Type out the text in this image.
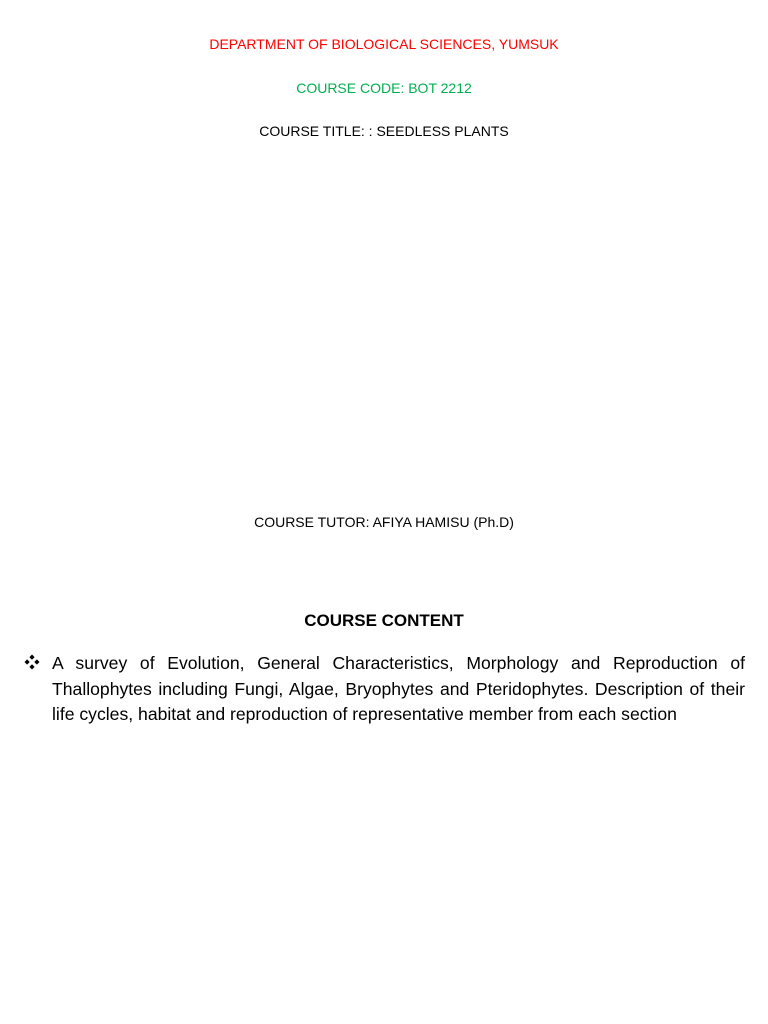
DEPARTMENT OF BIOLOGICAL SCIENCES, YUMSUK
COURSE CODE: BOT 2212
COURSE TITLE: : SEEDLESS PLANTS
COURSE TUTOR: AFIYA HAMISU (Ph.D)
COURSE CONTENT
A survey of Evolution, General Characteristics, Morphology and Reproduction of Thallophytes including Fungi, Algae, Bryophytes and Pteridophytes. Description of their life cycles, habitat and reproduction of representative member from each section
